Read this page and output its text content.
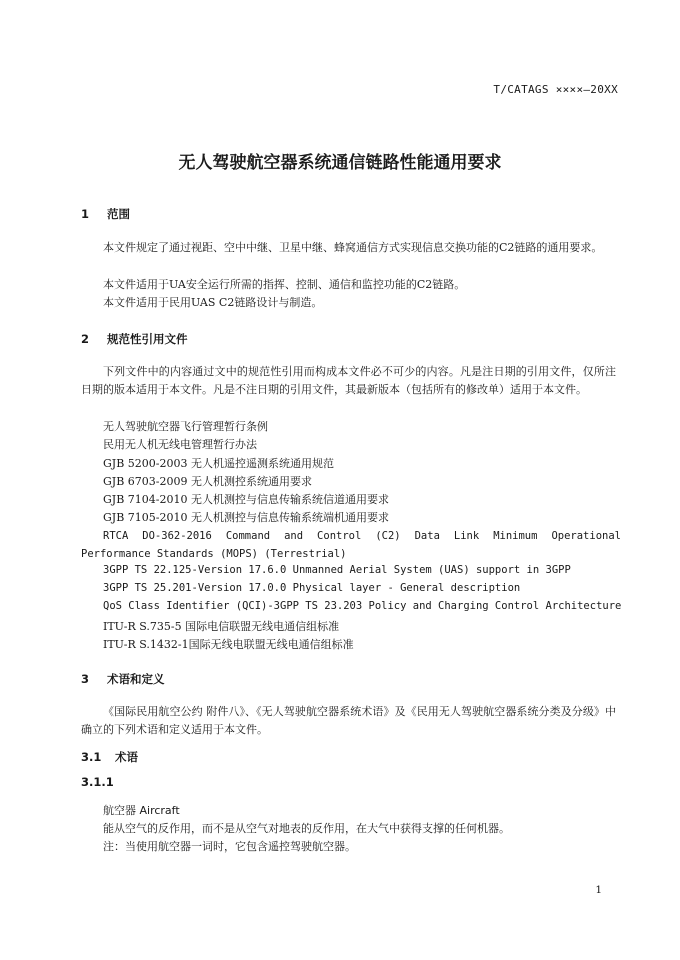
T/CATAGS ××××—20XX
无人驾驶航空器系统通信链路性能通用要求
1 范围
本文件规定了通过视距、空中中继、卫星中继、蜂窝通信方式实现信息交换功能的C2链路的通用要求。
本文件适用于UA安全运行所需的指挥、控制、通信和监控功能的C2链路。
本文件适用于民用UAS C2链路设计与制造。
2 规范性引用文件
下列文件中的内容通过文中的规范性引用而构成本文件必不可少的内容。凡是注日期的引用文件，仅所注日期的版本适用于本文件。凡是不注日期的引用文件，其最新版本（包括所有的修改单）适用于本文件。
无人驾驶航空器飞行管理暂行条例
民用无人机无线电管理暂行办法
GJB 5200-2003 无人机遥控遥测系统通用规范
GJB 6703-2009 无人机测控系统通用要求
GJB 7104-2010 无人机测控与信息传输系统信道通用要求
GJB 7105-2010 无人机测控与信息传输系统端机通用要求
RTCA DO-362-2016 Command and Control (C2) Data Link Minimum Operational Performance Standards (MOPS) (Terrestrial)
3GPP TS 22.125-Version 17.6.0 Unmanned Aerial System (UAS) support in 3GPP
3GPP TS 25.201-Version 17.0.0 Physical layer - General description
QoS Class Identifier (QCI)-3GPP TS 23.203 Policy and Charging Control Architecture
ITU-R S.735-5 国际电信联盟无线电通信组标准
ITU-R S.1432-1国际无线电联盟无线电通信组标准
3 术语和定义
《国际民用航空公约 附件八》、《无人驾驶航空器系统术语》及《民用无人驾驶航空器系统分类及分级》中确立的下列术语和定义适用于本文件。
3.1 术语
3.1.1
航空器 Aircraft
能从空气的反作用，而不是从空气对地表的反作用，在大气中获得支撑的任何机器。
注：当使用航空器一词时，它包含遥控驾驶航空器。
1
